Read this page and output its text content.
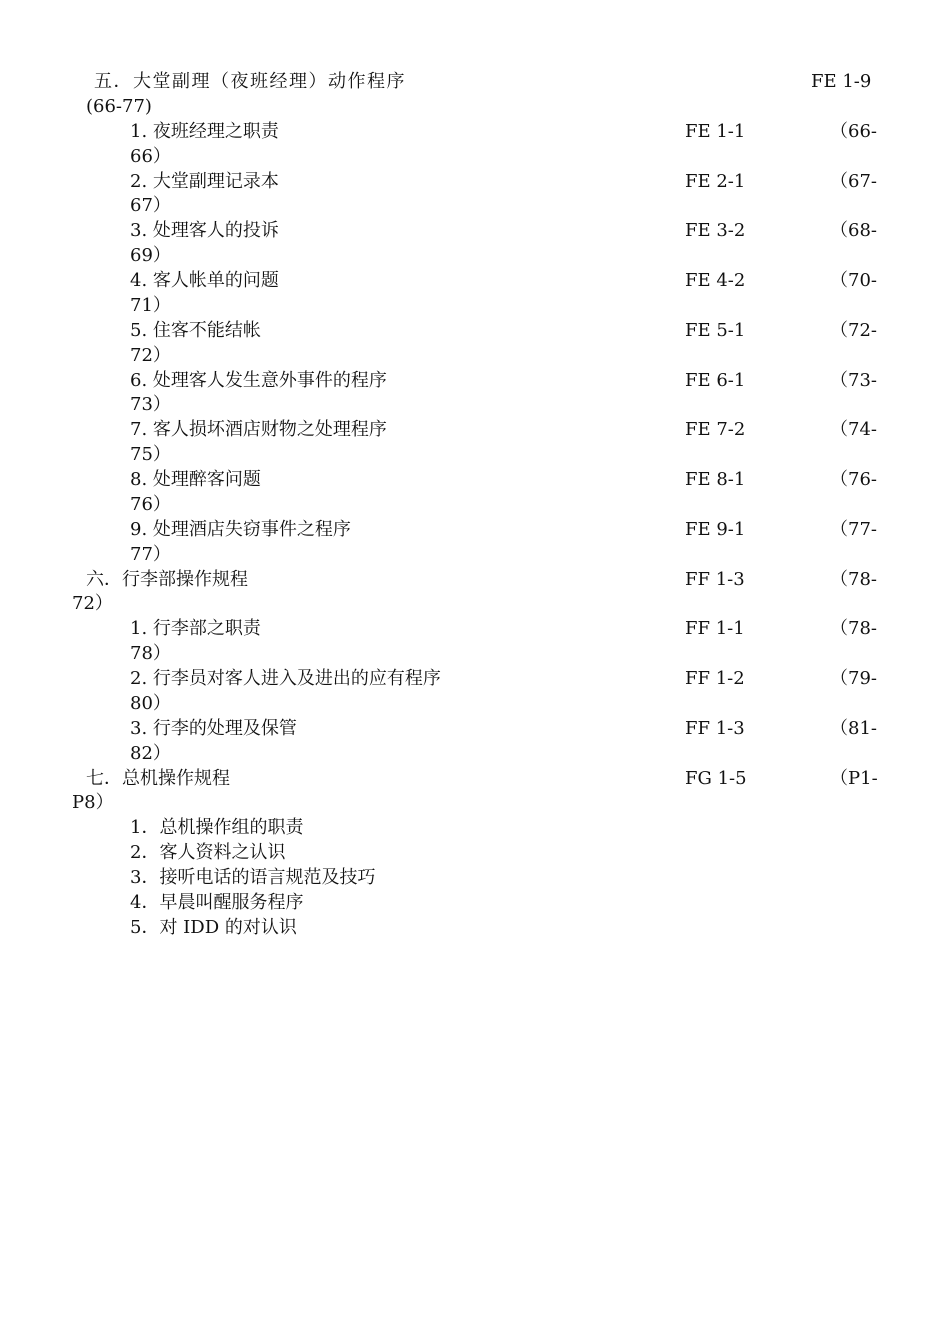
五．大堂副理（夜班经理）动作程序	FE 1-9
(66-77)
1. 夜班经理之职责	FE 1-1	（66-
66）
2. 大堂副理记录本	FE 2-1	（67-
67）
3. 处理客人的投诉	FE 3-2	（68-
69）
4. 客人帐单的问题	FE 4-2	（70-
71）
5. 住客不能结帐	FE 5-1	（72-
72）
6. 处理客人发生意外事件的程序	FE 6-1	（73-
73）
7. 客人损坏酒店财物之处理程序	FE 7-2	（74-
75）
8. 处理醉客问题	FE 8-1	（76-
76）
9. 处理酒店失窃事件之程序	FE 9-1	（77-
77）
六．行李部操作规程	FF 1-3	（78-
72）
1. 行李部之职责	FF 1-1	（78-
78）
2. 行李员对客人进入及进出的应有程序	FF 1-2	（79-
80）
3. 行李的处理及保管	FF 1-3	（81-
82）
七．总机操作规程	FG 1-5	（P1-
P8）
1．总机操作组的职责
2．客人资料之认识
3．接听电话的语言规范及技巧
4．早晨叫醒服务程序
5．对 IDD 的对认识
